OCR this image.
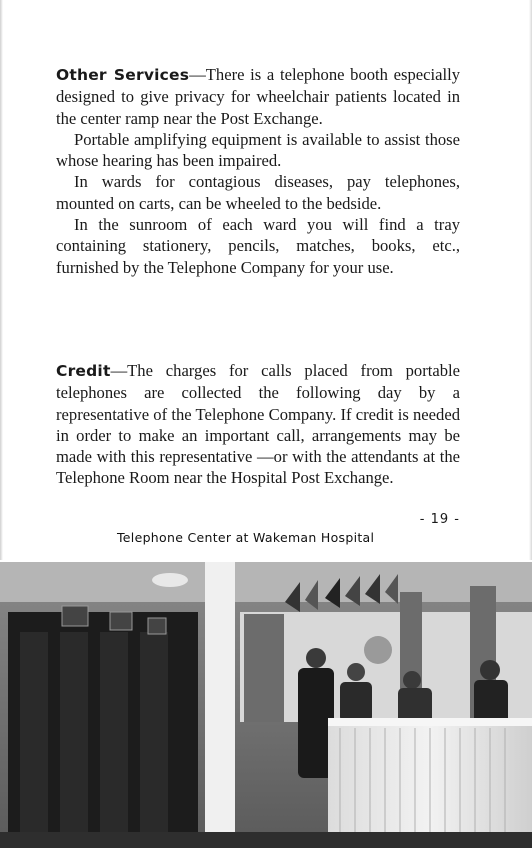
Other Services—There is a telephone booth especially designed to give privacy for wheelchair patients located in the center ramp near the Post Exchange.

Portable amplifying equipment is available to assist those whose hearing has been impaired.

In wards for contagious diseases, pay telephones, mounted on carts, can be wheeled to the bedside.

In the sunroom of each ward you will find a tray containing stationery, pencils, matches, books, etc., furnished by the Telephone Company for your use.

Credit—The charges for calls placed from portable telephones are collected the following day by a representative of the Telephone Company. If credit is needed in order to make an important call, arrangements may be made with this representative —or with the attendants at the Telephone Room near the Hospital Post Exchange.

- 19 -
Telephone Center at Wakeman Hospital
